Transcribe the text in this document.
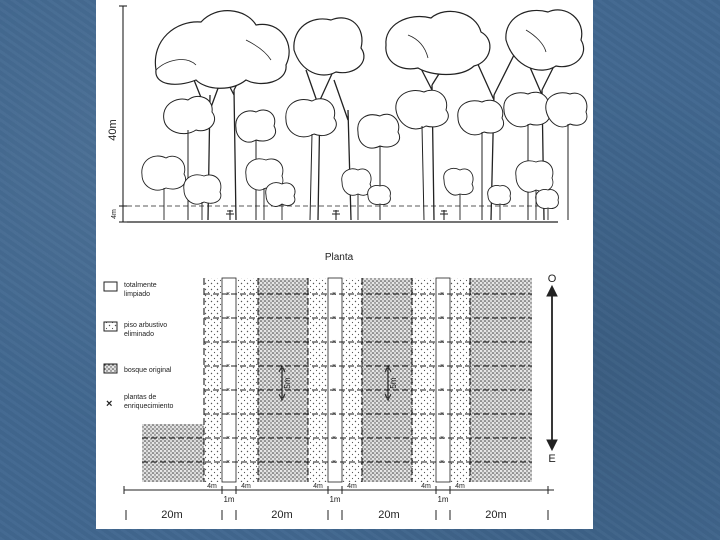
40m
4m
Planta
totalmente
limpiado
piso arbustivo
eliminado
bosque original
×
plantas de
enriquecimiento
×
×
×
×
×
×
×
×
×
×
×
×
×
×
×
×
×
×
×
×
×
×
×
×
5m	5m
4m	4m	4m	4m	4m	4m
O
E
1m	1m	1m
20m	20m	20m	20m
